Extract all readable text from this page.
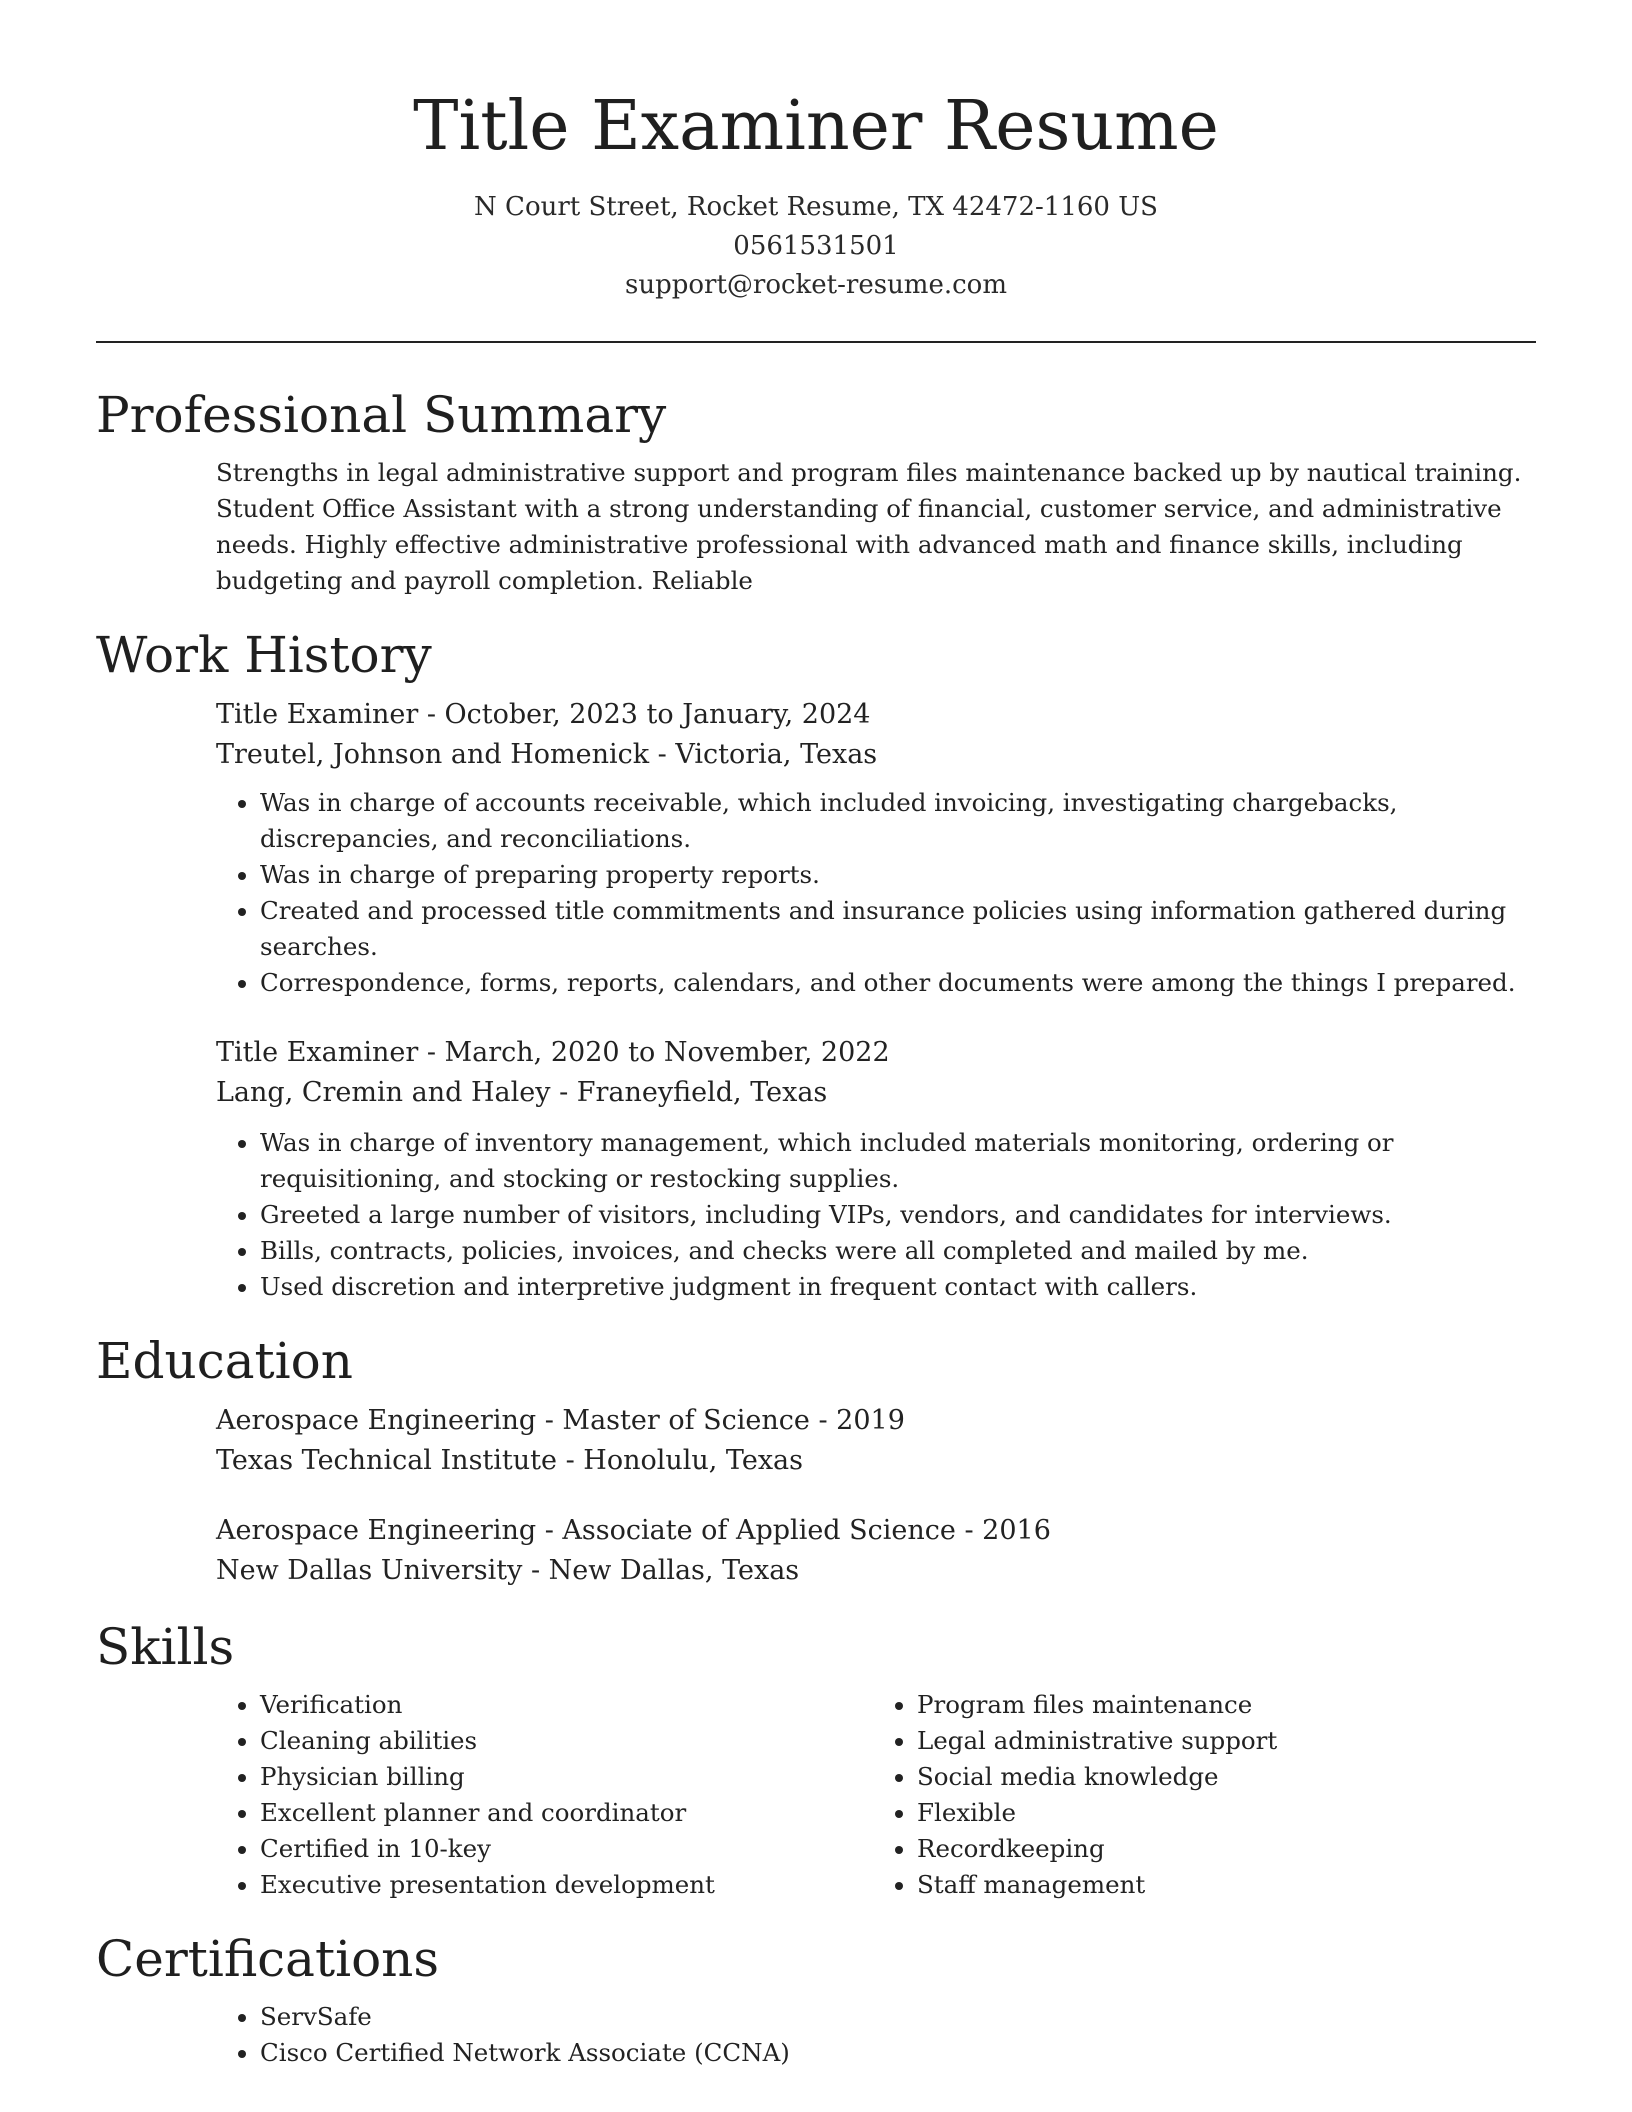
Title Examiner Resume
N Court Street, Rocket Resume, TX 42472-1160 US
0561531501
support@rocket-resume.com
Professional Summary
Strengths in legal administrative support and program files maintenance backed up by nautical training. Student Office Assistant with a strong understanding of financial, customer service, and administrative needs. Highly effective administrative professional with advanced math and finance skills, including budgeting and payroll completion. Reliable
Work History
Title Examiner - October, 2023 to January, 2024
Treutel, Johnson and Homenick - Victoria, Texas
• Was in charge of accounts receivable, which included invoicing, investigating chargebacks, discrepancies, and reconciliations.
• Was in charge of preparing property reports.
• Created and processed title commitments and insurance policies using information gathered during searches.
• Correspondence, forms, reports, calendars, and other documents were among the things I prepared.
Title Examiner - March, 2020 to November, 2022
Lang, Cremin and Haley - Franeyfield, Texas
• Was in charge of inventory management, which included materials monitoring, ordering or requisitioning, and stocking or restocking supplies.
• Greeted a large number of visitors, including VIPs, vendors, and candidates for interviews.
• Bills, contracts, policies, invoices, and checks were all completed and mailed by me.
• Used discretion and interpretive judgment in frequent contact with callers.
Education
Aerospace Engineering - Master of Science - 2019
Texas Technical Institute - Honolulu, Texas
Aerospace Engineering - Associate of Applied Science - 2016
New Dallas University - New Dallas, Texas
Skills
• Verification
• Cleaning abilities
• Physician billing
• Excellent planner and coordinator
• Certified in 10-key
• Executive presentation development
• Program files maintenance
• Legal administrative support
• Social media knowledge
• Flexible
• Recordkeeping
• Staff management
Certifications
• ServSafe
• Cisco Certified Network Associate (CCNA)
